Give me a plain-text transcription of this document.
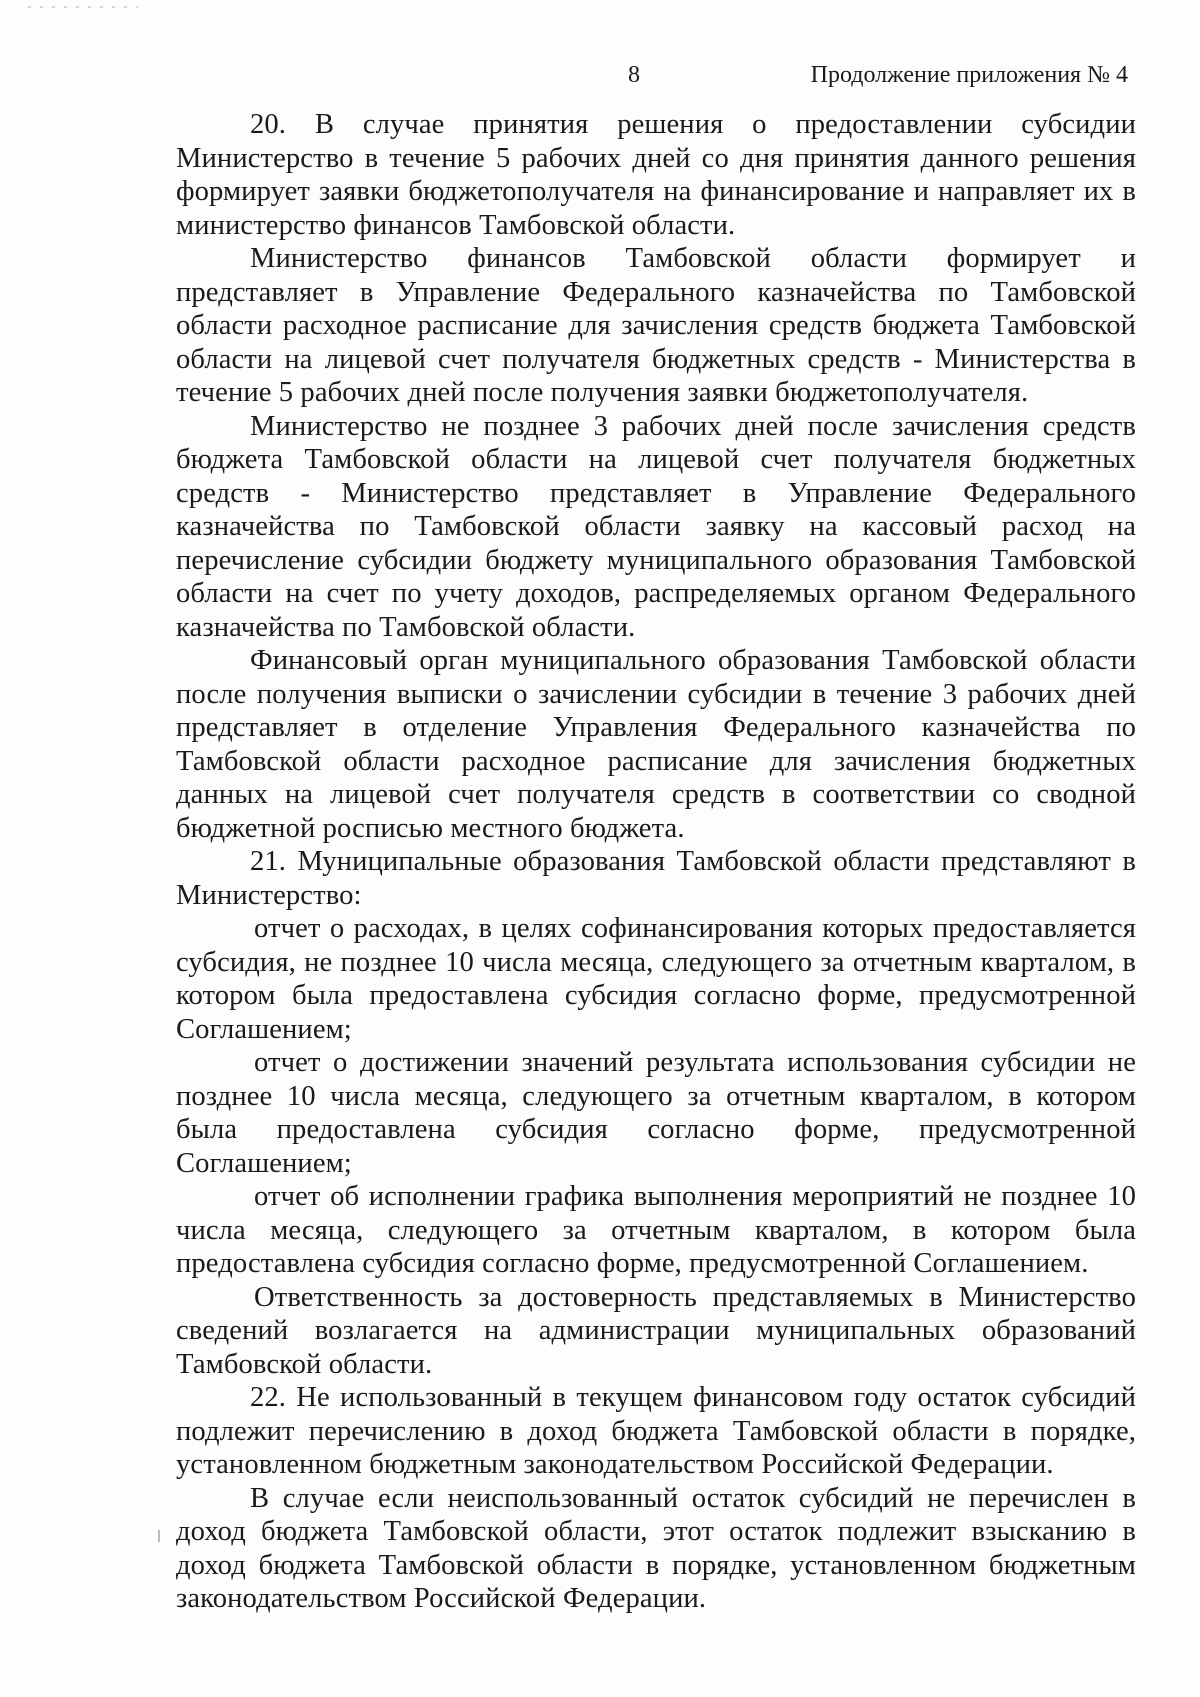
8	Продолжение приложения № 4

20. В случае принятия решения о предоставлении субсидии Министерство в течение 5 рабочих дней со дня принятия данного решения формирует заявки бюджетополучателя на финансирование и направляет их в министерство финансов Тамбовской области.

Министерство финансов Тамбовской области формирует и представляет в Управление Федерального казначейства по Тамбовской области расходное расписание для зачисления средств бюджета Тамбовской области на лицевой счет получателя бюджетных средств - Министерства в течение 5 рабочих дней после получения заявки бюджетополучателя.

Министерство не позднее 3 рабочих дней после зачисления средств бюджета Тамбовской области на лицевой счет получателя бюджетных средств - Министерство представляет в Управление Федерального казначейства по Тамбовской области заявку на кассовый расход на перечисление субсидии бюджету муниципального образования Тамбовской области на счет по учету доходов, распределяемых органом Федерального казначейства по Тамбовской области.

Финансовый орган муниципального образования Тамбовской области после получения выписки о зачислении субсидии в течение 3 рабочих дней представляет в отделение Управления Федерального казначейства по Тамбовской области расходное расписание для зачисления бюджетных данных на лицевой счет получателя средств в соответствии со сводной бюджетной росписью местного бюджета.

21. Муниципальные образования Тамбовской области представляют в Министерство:

отчет о расходах, в целях софинансирования которых предоставляется субсидия, не позднее 10 числа месяца, следующего за отчетным кварталом, в котором была предоставлена субсидия согласно форме, предусмотренной Соглашением;

отчет о достижении значений результата использования субсидии не позднее 10 числа месяца, следующего за отчетным кварталом, в котором была предоставлена субсидия согласно форме, предусмотренной Соглашением;

отчет об исполнении графика выполнения мероприятий не позднее 10 числа месяца, следующего за отчетным кварталом, в котором была предоставлена субсидия согласно форме, предусмотренной Соглашением.

Ответственность за достоверность представляемых в Министерство сведений возлагается на администрации муниципальных образований Тамбовской области.

22. Не использованный в текущем финансовом году остаток субсидий подлежит перечислению в доход бюджета Тамбовской области в порядке, установленном бюджетным законодательством Российской Федерации.

В случае если неиспользованный остаток субсидий не перечислен в доход бюджета Тамбовской области, этот остаток подлежит взысканию в доход бюджета Тамбовской области в порядке, установленном бюджетным законодательством Российской Федерации.
